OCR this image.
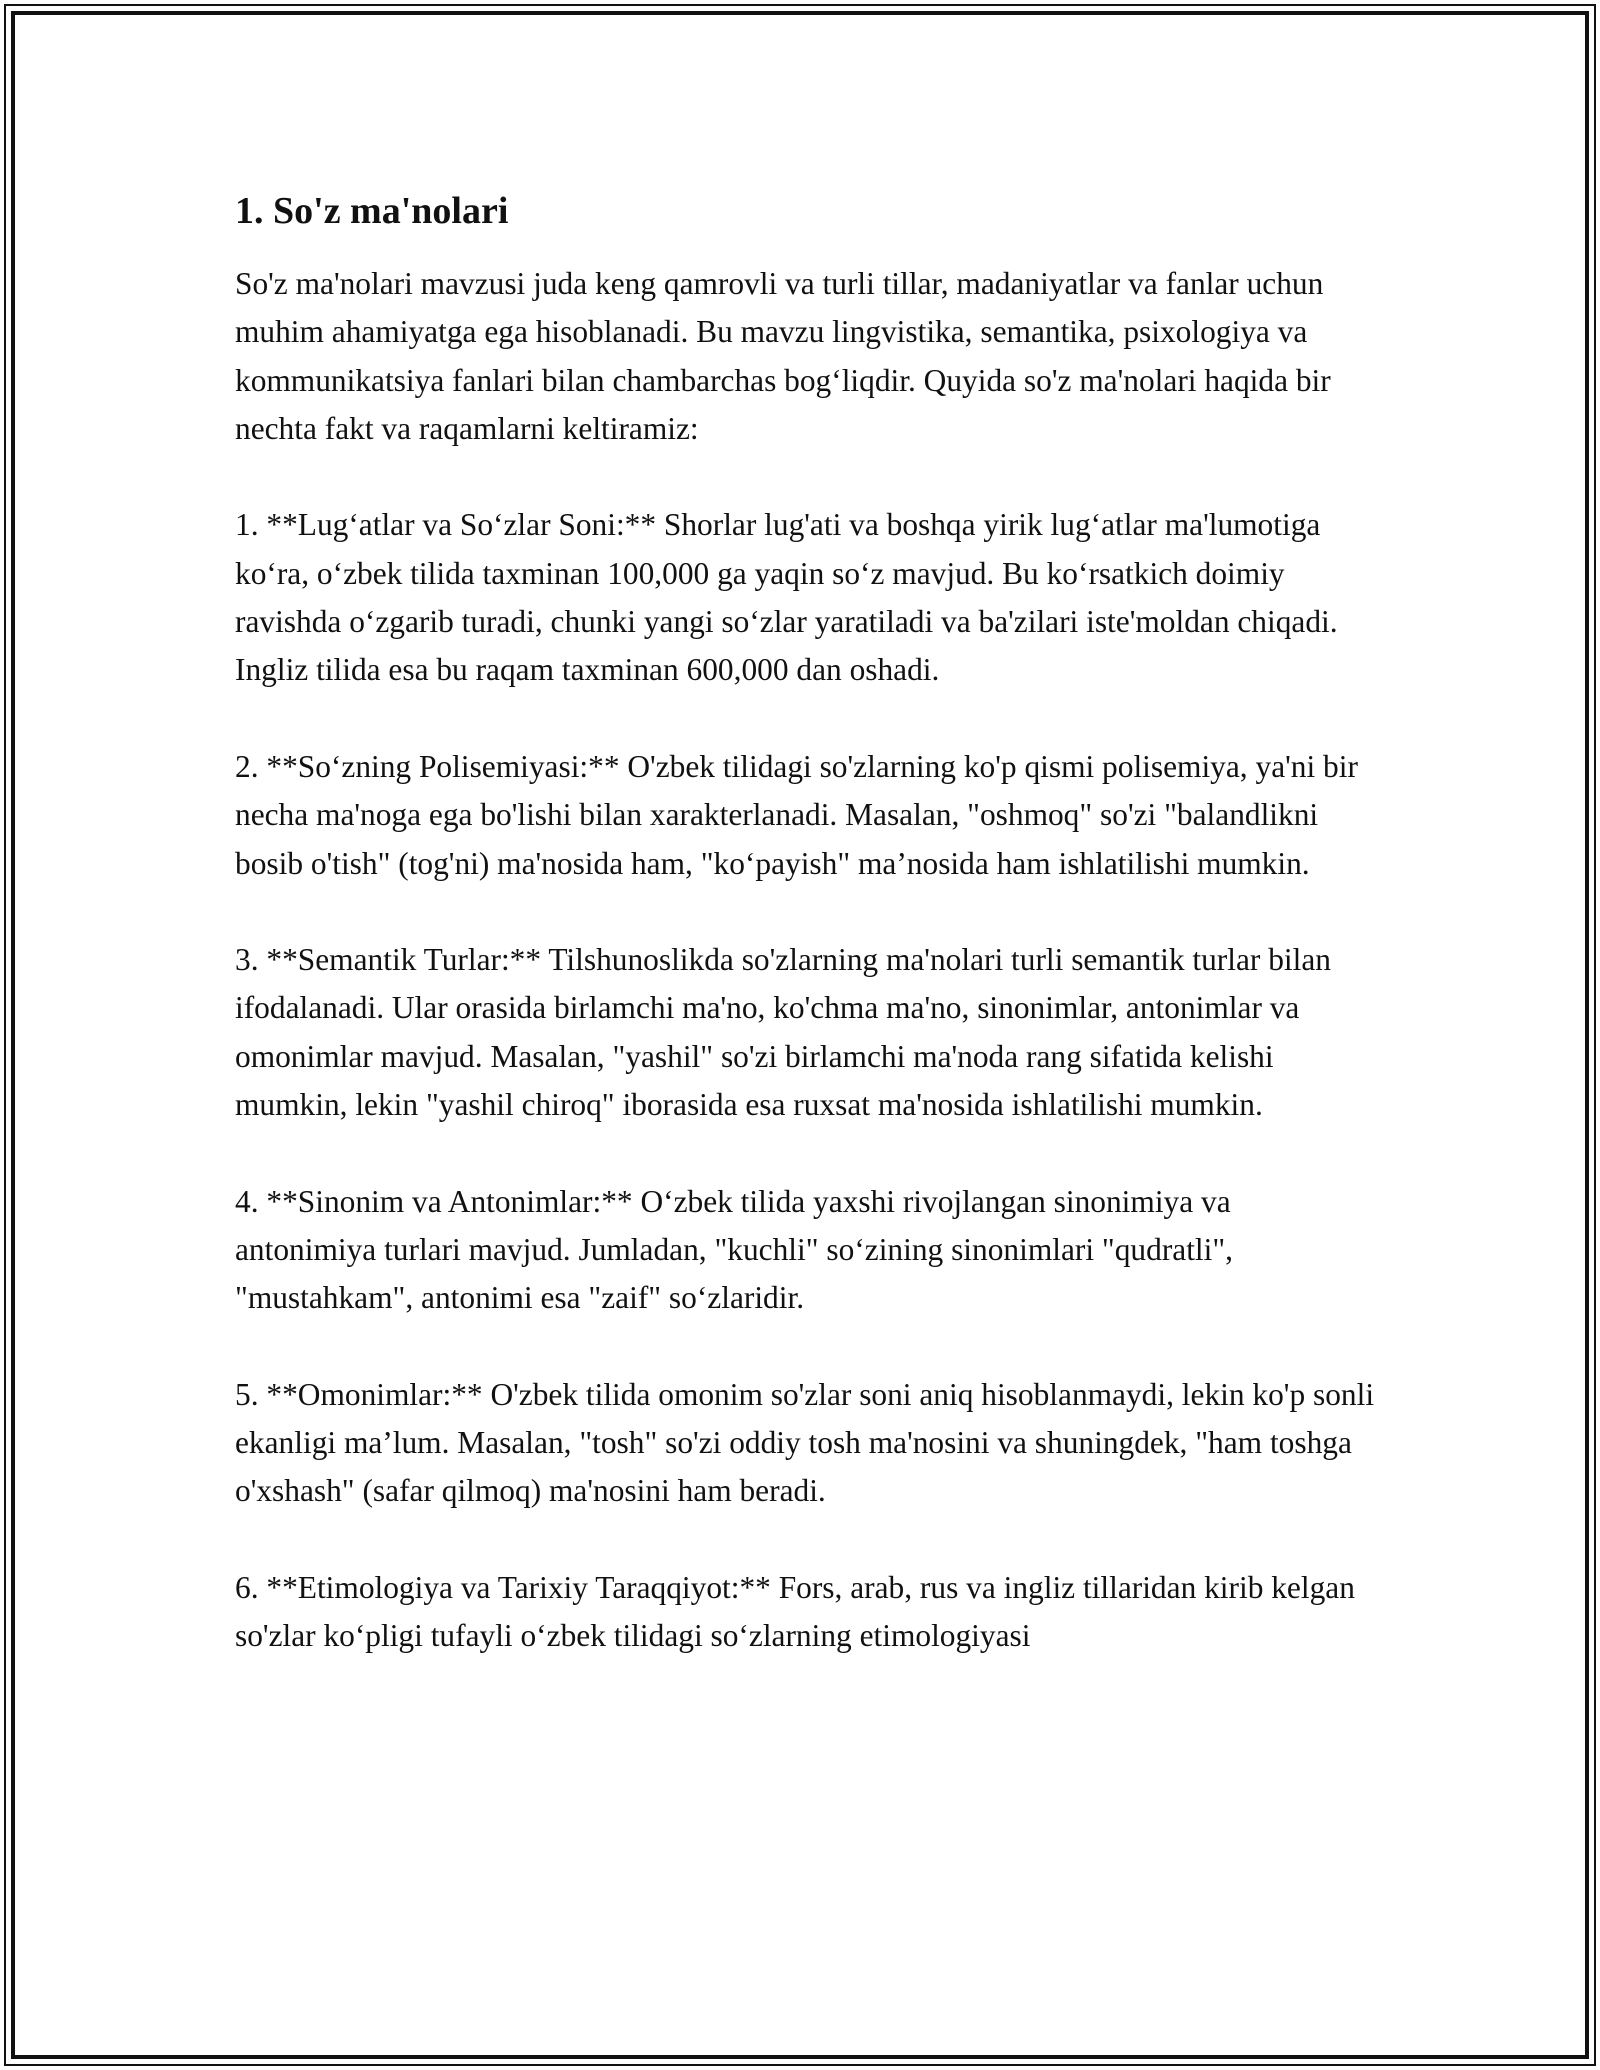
1. So'z ma'nolari

So'z ma'nolari mavzusi juda keng qamrovli va turli tillar, madaniyatlar va fanlar uchun muhim ahamiyatga ega hisoblanadi. Bu mavzu lingvistika, semantika, psixologiya va kommunikatsiya fanlari bilan chambarchas bog‘liqdir. Quyida so'z ma'nolari haqida bir nechta fakt va raqamlarni keltiramiz:

1. **Lug‘atlar va So‘zlar Soni:** Shorlar lug'ati va boshqa yirik lug‘atlar ma'lumotiga ko‘ra, o‘zbek tilida taxminan 100,000 ga yaqin so‘z mavjud. Bu ko‘rsatkich doimiy ravishda o‘zgarib turadi, chunki yangi so‘zlar yaratiladi va ba'zilari iste'moldan chiqadi. Ingliz tilida esa bu raqam taxminan 600,000 dan oshadi.

2. **So‘zning Polisemiyasi:** O'zbek tilidagi so'zlarning ko'p qismi polisemiya, ya'ni bir necha ma'noga ega bo'lishi bilan xarakterlanadi. Masalan, "oshmoq" so'zi "balandlikni bosib o'tish" (tog'ni) ma'nosida ham, "ko‘payish" ma’nosida ham ishlatilishi mumkin.

3. **Semantik Turlar:** Tilshunoslikda so'zlarning ma'nolari turli semantik turlar bilan ifodalanadi. Ular orasida birlamchi ma'no, ko'chma ma'no, sinonimlar, antonimlar va omonimlar mavjud. Masalan, "yashil" so'zi birlamchi ma'noda rang sifatida kelishi mumkin, lekin "yashil chiroq" iborasida esa ruxsat ma'nosida ishlatilishi mumkin.

4. **Sinonim va Antonimlar:** O‘zbek tilida yaxshi rivojlangan sinonimiya va antonimiya turlari mavjud. Jumladan, "kuchli" so‘zining sinonimlari "qudratli", "mustahkam", antonimi esa "zaif" so‘zlaridir.

5. **Omonimlar:** O'zbek tilida omonim so'zlar soni aniq hisoblanmaydi, lekin ko'p sonli ekanligi ma’lum. Masalan, "tosh" so'zi oddiy tosh ma'nosini va shuningdek, "ham toshga o'xshash" (safar qilmoq) ma'nosini ham beradi.

6. **Etimologiya va Tarixiy Taraqqiyot:** Fors, arab, rus va ingliz tillaridan kirib kelgan so'zlar ko‘pligi tufayli o‘zbek tilidagi so‘zlarning etimologiyasi
